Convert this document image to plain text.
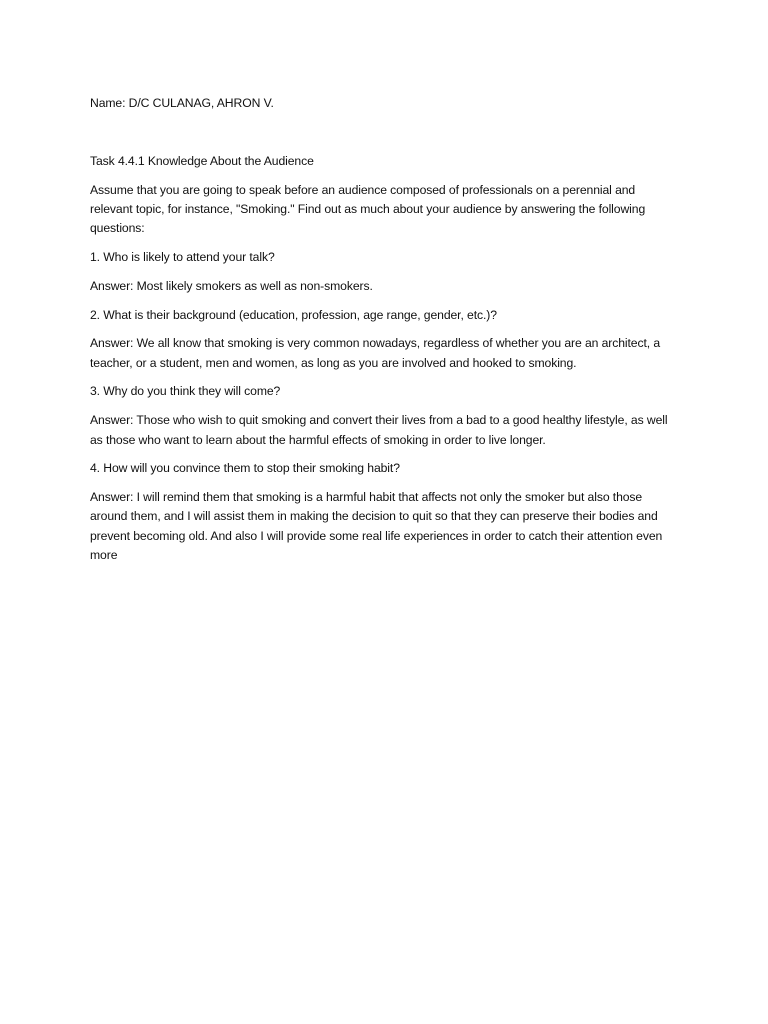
Name: D/C CULANAG, AHRON V.

Task 4.4.1 Knowledge About the Audience

Assume that you are going to speak before an audience composed of professionals on a perennial and relevant topic, for instance, "Smoking." Find out as much about your audience by answering the following questions:

1. Who is likely to attend your talk?

Answer: Most likely smokers as well as non-smokers.

2. What is their background (education, profession, age range, gender, etc.)?

Answer: We all know that smoking is very common nowadays, regardless of whether you are an architect, a teacher, or a student, men and women, as long as you are involved and hooked to smoking.

3. Why do you think they will come?

Answer: Those who wish to quit smoking and convert their lives from a bad to a good healthy lifestyle, as well as those who want to learn about the harmful effects of smoking in order to live longer.

4. How will you convince them to stop their smoking habit?

Answer: I will remind them that smoking is a harmful habit that affects not only the smoker but also those around them, and I will assist them in making the decision to quit so that they can preserve their bodies and prevent becoming old. And also I will provide some real life experiences in order to catch their attention even more
